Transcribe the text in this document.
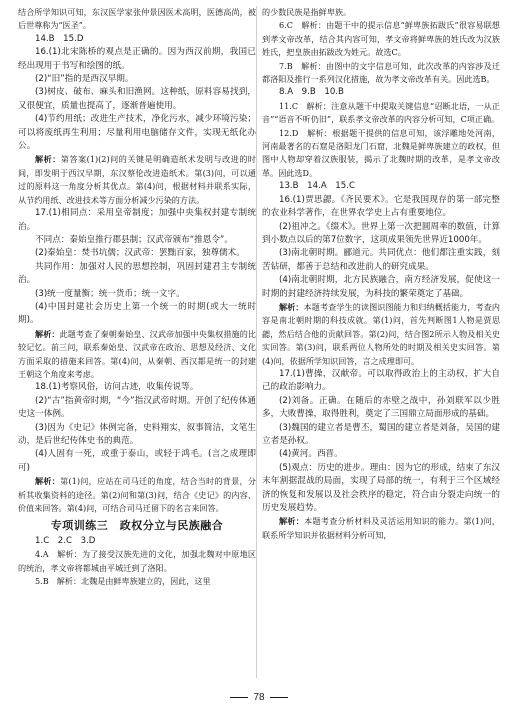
结合所学知识可知，东汉医学家张仲景因医术高明，医德高尚，被后世尊称为“医圣”。

14.B　15.D

16.(1)北宋陈桥的观点是正确的。因为西汉前期，我国已经出现用于书写和绘图的纸。

(2)“旧”指的是西汉早期。

(3)树皮、破布、麻头和旧渔网。这种纸，原料容易找到，又很便宜，质量也提高了，逐渐普遍使用。

(4)节约用纸；改进生产技术，净化污水，减少环境污染；可以将废纸再生利用；尽量利用电脑储存文件，实现无纸化办公。

解析：第答案(1)(2)问的关键是明确造纸术发明与改进的时间，即发明于西汉早期，东汉蔡伦改进造纸术。第(3)问，可以通过的原料这一角度分析其优点。第(4)问，根据材料并联系实际，从节约用纸、改进技术等方面分析减少污染的方法。

17.(1)相同点：采用皇帝制度；加强中央集权封建专制统治。

不同点：秦始皇推行郡县制；汉武帝颁布“推恩令”。

(2)秦始皇：焚书坑儒；汉武帝：罢黜百家，独尊儒术。

共同作用：加强对人民的思想控制，巩固封建君主专制统治。

(3)统一度量衡；统一货币；统一文字。

(4)中国封建社会历史上第一个统一的时期(或大一统时期)。

解析：此题考查了秦朝秦始皇、汉武帝加强中央集权措施的比较记忆。前三问，联系秦始皇、汉武帝在政治、思想及经济、文化方面采取的措施来回答。第(4)问，从秦朝、西汉都是统一的封建王朝这个角度来考虑。

18.(1)考察风俗，访问古迹，收集传说等。

(2)“古”指黄帝时期，“今”指汉武帝时期。开创了纪传体通史这一体例。

(3)因为《史记》体例完备，史料翔实，叙事简洁，文笔生动，是后世纪传体史书的典范。

(4)人固有一死，或重于泰山，或轻于鸿毛。(言之成理即可)

解析：第(1)问，应站在司马迁的角度，结合当时的背景，分析其收集资料的途径。第(2)问和第(3)问，结合《史记》的内容、价值来回答。第(4)问，可结合司马迁留下的名言来回答。

专项训练三　政权分立与民族融合

1.C　2.C　3.D

4.A　解析：为了接受汉族先进的文化，加强北魏对中原地区的统治，孝文帝将都城由平城迁到了洛阳。

5.B　解析：北魏是由鲜卑族建立的，因此，这里

的少数民族是指鲜卑族。

6.C　解析：由题干中的提示信息“鲜卑族拓跋氏”很容易联想到孝文帝改革，结合其内容可知，孝文帝将鲜卑族的姓氏改为汉族姓氏，把皇族由拓跋改为姓元。故选C。

7.B　解析：由图中的文字信息可知，此次改革的内容涉及迁都洛阳及推行一系列汉化措施，故为孝文帝改革有关。因此选B。

8.A　9.B　10.B

11.C　解析：注意从题干中提取关键信息“诏断北语，一从正音”“语音不听仍旧”，联系孝文帝改革的内容分析可知，C项正确。

12.D　解析：根据题干提供的信息可知，该浮雕地处河南，河南最著名的石窟是洛阳龙门石窟，北魏是鲜卑族建立的政权，但图中人物却穿着汉族服装，揭示了北魏时期的改革，是孝文帝改革。因此选D。

13.B　14.A　15.C

16.(1)贾思勰。《齐民要术》。它是我国现存的第一部完整的农业科学著作，在世界农学史上占有重要地位。

(2)祖冲之。《缀术》。世界上第一次把圆周率的数值，计算到小数点以后的第7位数字，这项成果领先世界近1000年。

(3)南北朝时期。郦道元。共同优点：他们都注重实践，刻苦钻研，都善于总结和改进前人的研究成果。

(4)南北朝时期，北方民族融合，南方经济发展，促使这一时期的封建经济持续发展，为科技的繁荣奠定了基础。

解析：本题考查学生的读图识图能力和归纳概括能力，考查内容是南北朝时期的科技成就。第(1)问，首先判断图1人物是贾思勰，然后结合他的贡献回答。第(2)问，结合图2所示人物及相关史实回答。第(3)问，联系两位人物所处的时期及相关史实回答。第(4)问，依据所学知识回答，言之成理即可。

17.(1)曹操，汉献帝。可以取得政治上的主动权，扩大自己的政治影响力。

(2)刘备。正确。在随后的赤壁之战中，孙刘联军以少胜多，大败曹操，取得胜利，奠定了三国鼎立局面形成的基础。

(3)魏国的建立者是曹丕，蜀国的建立者是刘备，吴国的建立者是孙权。

(4)黄河。西晋。

(5)观点：历史的进步。理由：因为它的形成，结束了东汉末年割据混战的局面，实现了局部的统一，有利于三个区域经济的恢复和发展以及社会秩序的稳定，符合由分裂走向统一的历史发展趋势。

解析：本题考查分析材料及灵活运用知识的能力。第(1)问，联系所学知识并依据材料分析可知，

78
